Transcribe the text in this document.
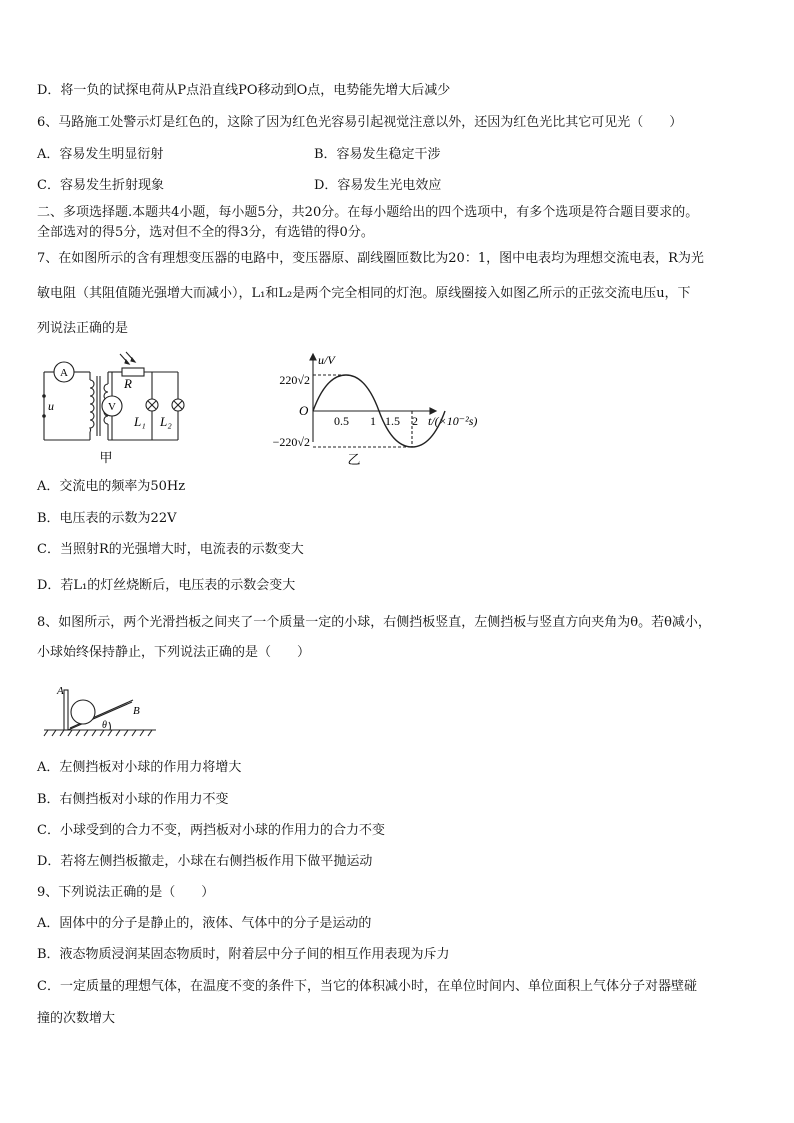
D．将一负的试探电荷从P点沿直线PO移动到O点，电势能先增大后减少
6、马路施工处警示灯是红色的，这除了因为红色光容易引起视觉注意以外，还因为红色光比其它可见光（　　）
A．容易发生明显衍射	B．容易发生稳定干涉
C．容易发生折射现象	D．容易发生光电效应
二、多项选择题.本题共4小题，每小题5分，共20分。在每小题给出的四个选项中，有多个选项是符合题目要求的。
全部选对的得5分，选对但不全的得3分，有选错的得0分。
7、在如图所示的含有理想变压器的电路中，变压器原、副线圈匝数比为20：1，图中电表均为理想交流电表，R为光
敏电阻（其阻值随光强增大而减小），L₁和L₂是两个完全相同的灯泡。原线圈接入如图乙所示的正弦交流电压u，下
列说法正确的是
A
u	V
R
L₁ L₂
甲
u/V
220√2
−220√2
O
0.5 1 1.5 2 t/(×10⁻²s)
乙
A．交流电的频率为50Hz
B．电压表的示数为22V
C．当照射R的光强增大时，电流表的示数变大
D．若L₁的灯丝烧断后，电压表的示数会变大
8、如图所示，两个光滑挡板之间夹了一个质量一定的小球，右侧挡板竖直，左侧挡板与竖直方向夹角为θ。若θ减小，
小球始终保持静止，下列说法正确的是（　　）
A
B
θ
A．左侧挡板对小球的作用力将增大
B．右侧挡板对小球的作用力不变
C．小球受到的合力不变，两挡板对小球的作用力的合力不变
D．若将左侧挡板撤走，小球在右侧挡板作用下做平抛运动
9、下列说法正确的是（　　）
A．固体中的分子是静止的，液体、气体中的分子是运动的
B．液态物质浸润某固态物质时，附着层中分子间的相互作用表现为斥力
C．一定质量的理想气体，在温度不变的条件下，当它的体积减小时，在单位时间内、单位面积上气体分子对器壁碰
撞的次数增大
